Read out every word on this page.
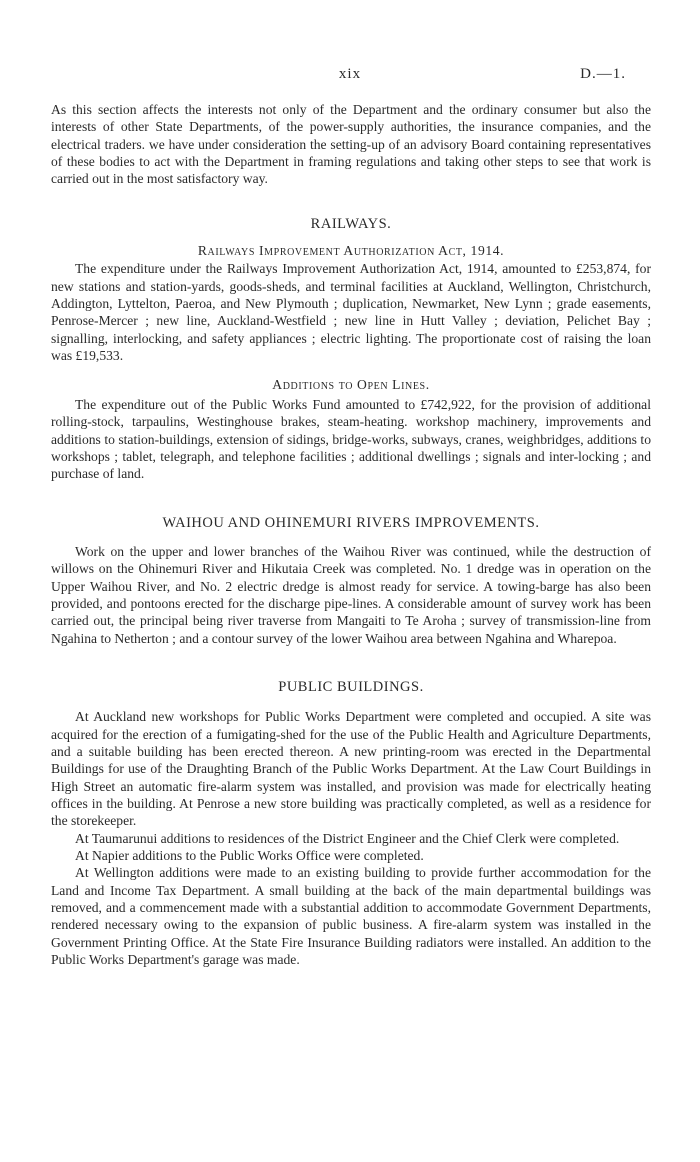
xix	D.—1.

As this section affects the interests not only of the Department and the ordinary consumer but also the interests of other State Departments, of the power-supply authorities, the insurance companies, and the electrical traders. we have under consideration the setting-up of an advisory Board containing representatives of these bodies to act with the Department in framing regulations and taking other steps to see that work is carried out in the most satisfactory way.

RAILWAYS.
Railways Improvement Authorization Act, 1914.

The expenditure under the Railways Improvement Authorization Act, 1914, amounted to £253,874, for new stations and station-yards, goods-sheds, and terminal facilities at Auckland, Wellington, Christchurch, Addington, Lyttelton, Paeroa, and New Plymouth ; duplication, Newmarket, New Lynn ; grade easements, Penrose-Mercer ; new line, Auckland-Westfield ; new line in Hutt Valley ; deviation, Pelichet Bay ; signalling, interlocking, and safety appliances ; electric lighting. The proportionate cost of raising the loan was £19,533.

Additions to Open Lines.

The expenditure out of the Public Works Fund amounted to £742,922, for the provision of additional rolling-stock, tarpaulins, Westinghouse brakes, steam-heating. workshop machinery, improvements and additions to station-buildings, extension of sidings, bridge-works, subways, cranes, weighbridges, additions to workshops ; tablet, telegraph, and telephone facilities ; additional dwellings ; signals and inter-locking ; and purchase of land.

WAIHOU AND OHINEMURI RIVERS IMPROVEMENTS.

Work on the upper and lower branches of the Waihou River was continued, while the destruction of willows on the Ohinemuri River and Hikutaia Creek was completed. No. 1 dredge was in operation on the Upper Waihou River, and No. 2 electric dredge is almost ready for service. A towing-barge has also been provided, and pontoons erected for the discharge pipe-lines. A considerable amount of survey work has been carried out, the principal being river traverse from Mangaiti to Te Aroha ; survey of transmission-line from Ngahina to Netherton ; and a contour survey of the lower Waihou area between Ngahina and Wharepoa.

PUBLIC BUILDINGS.

At Auckland new workshops for Public Works Department were completed and occupied. A site was acquired for the erection of a fumigating-shed for the use of the Public Health and Agriculture Departments, and a suitable building has been erected thereon. A new printing-room was erected in the Departmental Buildings for use of the Draughting Branch of the Public Works Department. At the Law Court Buildings in High Street an automatic fire-alarm system was installed, and provision was made for electrically heating offices in the building. At Penrose a new store building was practically completed, as well as a residence for the storekeeper.

At Taumarunui additions to residences of the District Engineer and the Chief Clerk were completed.

At Napier additions to the Public Works Office were completed.

At Wellington additions were made to an existing building to provide further accommodation for the Land and Income Tax Department. A small building at the back of the main departmental buildings was removed, and a commencement made with a substantial addition to accommodate Government Departments, rendered necessary owing to the expansion of public business. A fire-alarm system was installed in the Government Printing Office. At the State Fire Insurance Building radiators were installed. An addition to the Public Works Department's garage was made.
